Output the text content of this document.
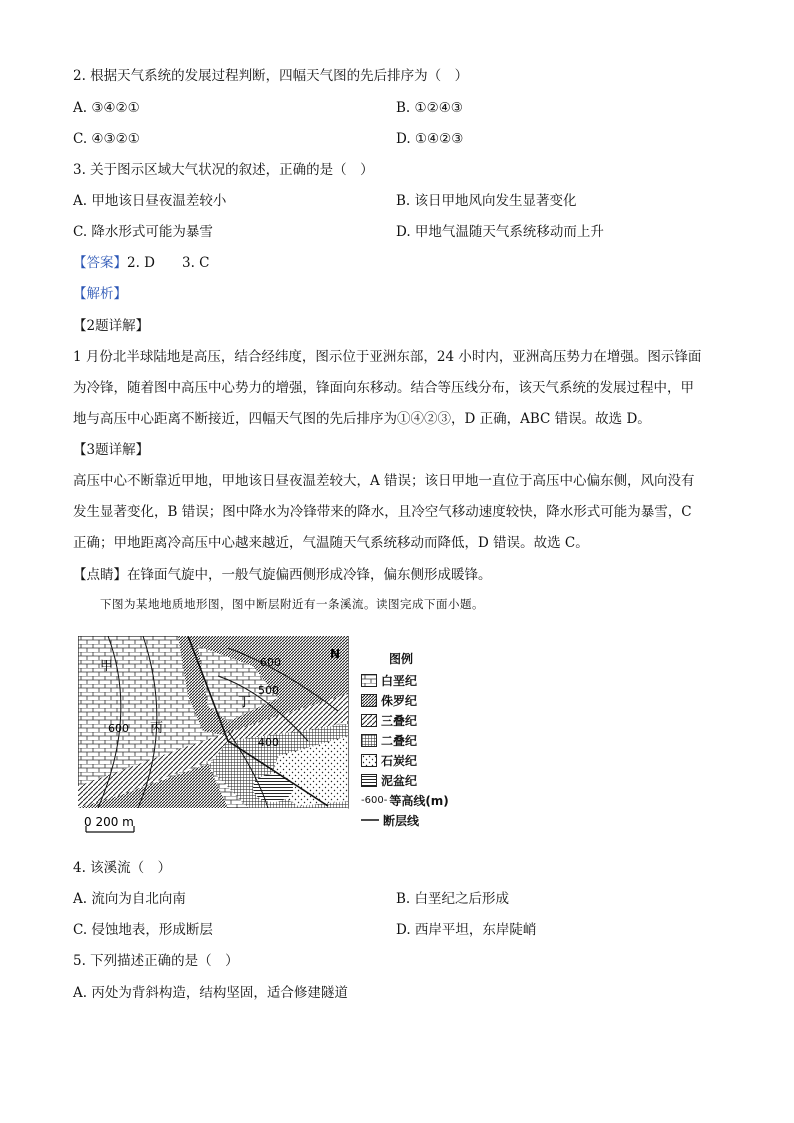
2. 根据天气系统的发展过程判断，四幅天气图的先后排序为（　）
A. ③④②①	B. ①②④③
C. ④③②①	D. ①④②③
3. 关于图示区域大气状况的叙述，正确的是（　）
A. 甲地该日昼夜温差较小	B. 该日甲地风向发生显著变化
C. 降水形式可能为暴雪	D. 甲地气温随天气系统移动而上升
【答案】2. D　　3. C
【解析】
【2题详解】
1 月份北半球陆地是高压，结合经纬度，图示位于亚洲东部，24 小时内，亚洲高压势力在增强。图示锋面
为冷锋，随着图中高压中心势力的增强，锋面向东移动。结合等压线分布，该天气系统的发展过程中，甲
地与高压中心距离不断接近，四幅天气图的先后排序为①④②③，D 正确，ABC 错误。故选 D。
【3题详解】
高压中心不断靠近甲地，甲地该日昼夜温差较大，A 错误；该日甲地一直位于高压中心偏东侧，风向没有
发生显著变化，B 错误；图中降水为冷锋带来的降水，且冷空气移动速度较快，降水形式可能为暴雪，C
正确；甲地距离冷高压中心越来越近，气温随天气系统移动而降低，D 错误。故选 C。
【点睛】在锋面气旋中，一般气旋偏西侧形成冷锋，偏东侧形成暖锋。
下图为某地地质地形图，图中断层附近有一条溪流。读图完成下面小题。
甲
丙
丁
N
600
500
400
600
0 200 m
图例
白垩纪
侏罗纪
三叠纪
二叠纪
石炭纪
泥盆纪
-600- 等高线(m)
断层线
4. 该溪流（　）
A. 流向为自北向南	B. 白垩纪之后形成
C. 侵蚀地表，形成断层	D. 西岸平坦，东岸陡峭
5. 下列描述正确的是（　）
A. 丙处为背斜构造，结构坚固，适合修建隧道
